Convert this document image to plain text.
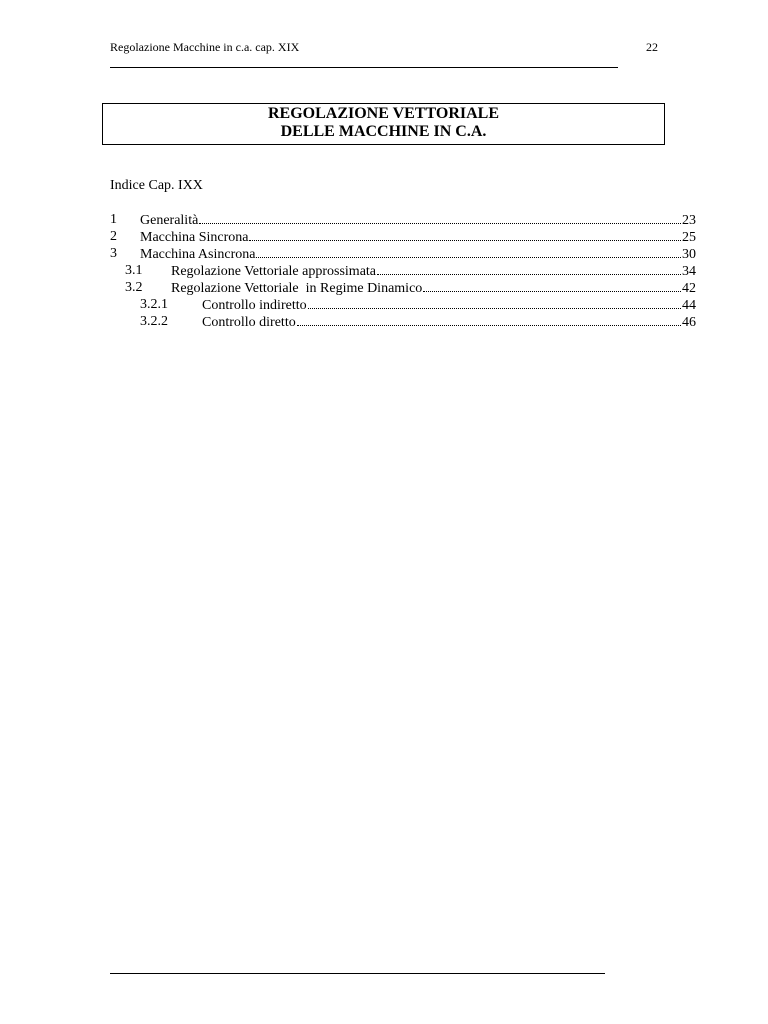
Regolazione Macchine in c.a. cap. XIX	22
REGOLAZIONE VETTORIALE
DELLE MACCHINE IN C.A.
Indice Cap. IXX
1 Generalità	23
2 Macchina Sincrona	25
3 Macchina Asincrona	30
3.1 Regolazione Vettoriale approssimata	34
3.2 Regolazione Vettoriale  in Regime Dinamico	42
3.2.1 Controllo indiretto	44
3.2.2 Controllo diretto	46
